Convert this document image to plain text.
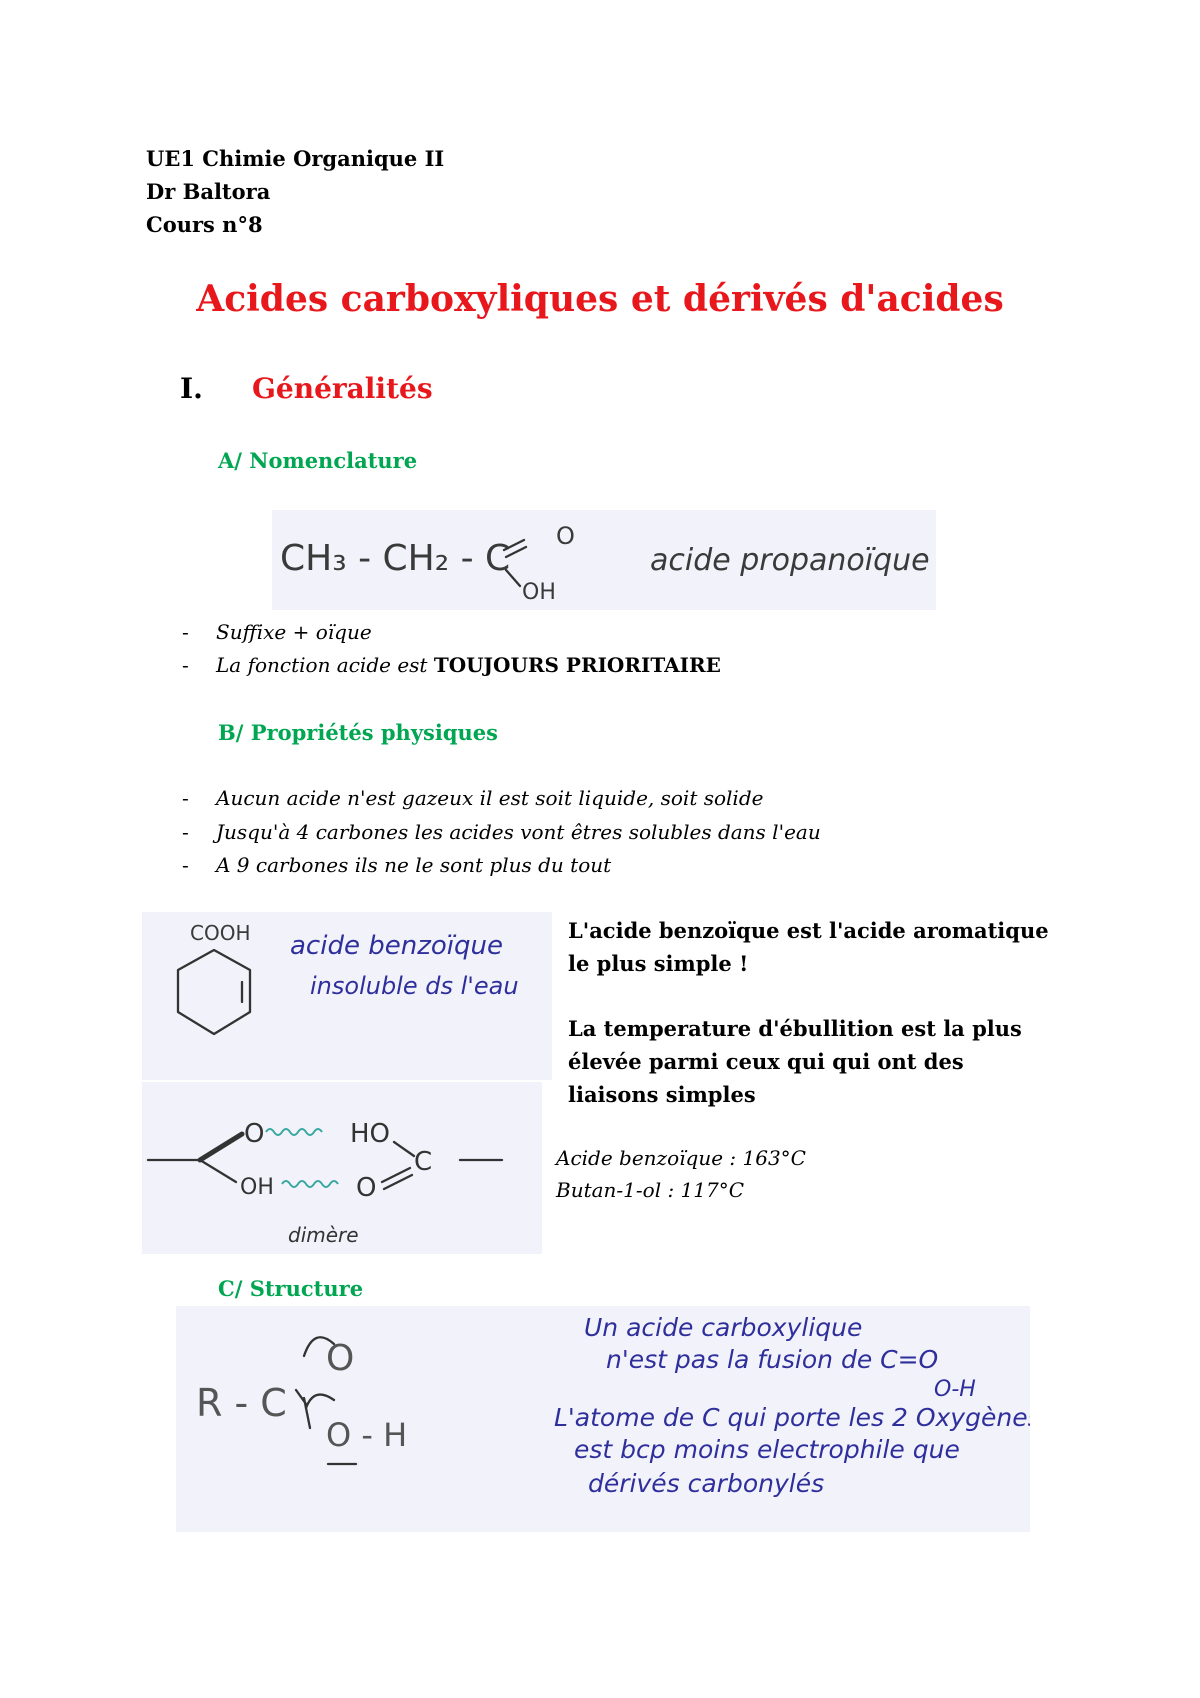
UE1 Chimie Organique II
Dr Baltora
Cours n°8
Acides carboxyliques et dérivés d'acides
I. Généralités
A/ Nomenclature
CH₃ - CH₂ - C
O
OH
acide propanoïque
- Suffixe + oïque
- La fonction acide est TOUJOURS PRIORITAIRE
B/ Propriétés physiques
- Aucun acide n'est gazeux il est soit liquide, soit solide
- Jusqu'à 4 carbones les acides vont êtres solubles dans l'eau
- A 9 carbones ils ne le sont plus du tout
COOH acide benzoïque
insoluble ds l'eau
O	HO
OH	O
C
dimère
L'acide benzoïque est l'acide aromatique le plus simple !
La temperature d'ébullition est la plus élevée parmi ceux qui qui ont des liaisons simples
Acide benzoïque : 163°C
Butan-1-ol : 117°C
C/ Structure
R - C
O
O - H
Un acide carboxylique
n'est pas la fusion de C=O
O-H
L'atome de C qui porte les 2 Oxygènes
est bcp moins electrophile que
dérivés carbonylés
